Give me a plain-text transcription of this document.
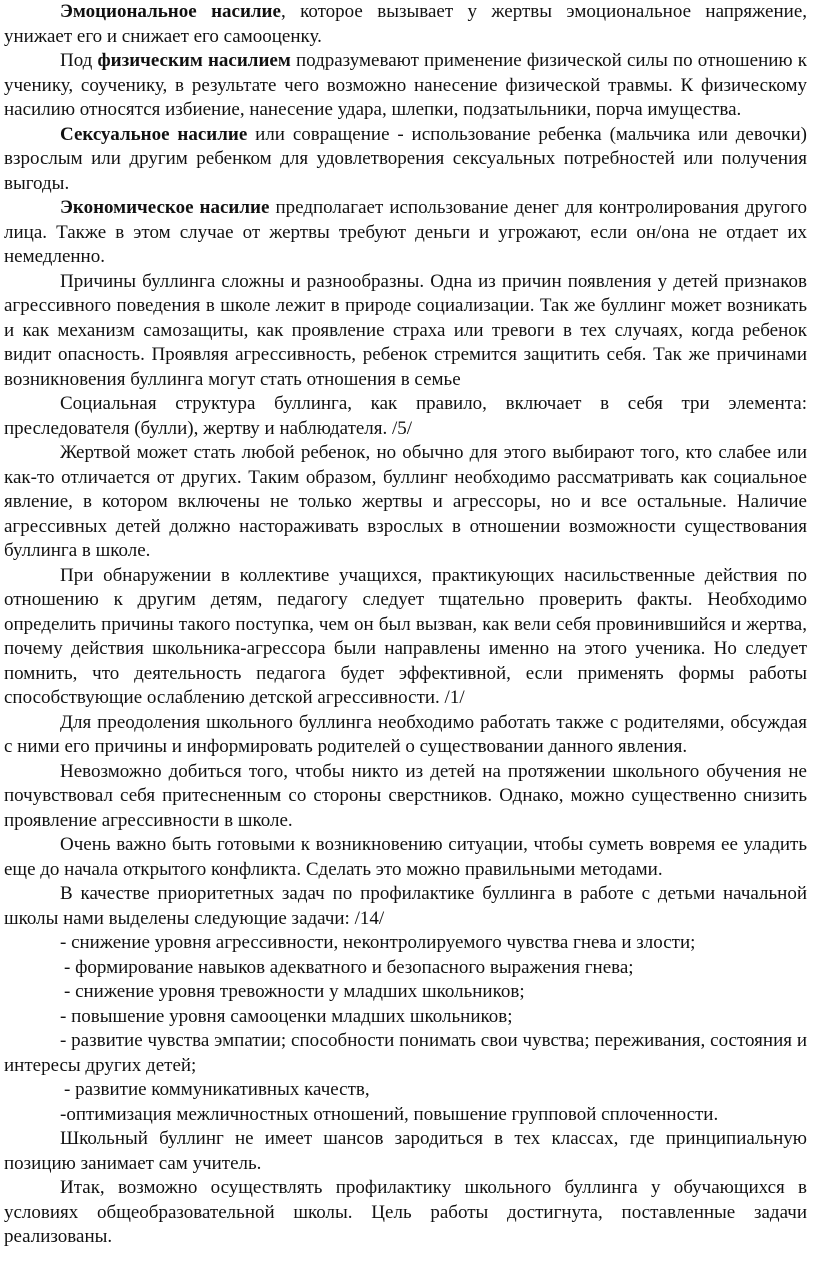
Эмоциональное насилие, которое вызывает у жертвы эмоциональное напряжение, унижает его и снижает его самооценку.

Под физическим насилием подразумевают применение физической силы по отношению к ученику, соученику, в результате чего возможно нанесение физической травмы. К физическому насилию относятся избиение, нанесение удара, шлепки, подзатыльники, порча имущества.

Сексуальное насилие или совращение - использование ребенка (мальчика или девочки) взрослым или другим ребенком для удовлетворения сексуальных потребностей или получения выгоды.

Экономическое насилие предполагает использование денег для контролирования другого лица. Также в этом случае от жертвы требуют деньги и угрожают, если он/она не отдает их немедленно.

Причины буллинга сложны и разнообразны. Одна из причин появления у детей признаков агрессивного поведения в школе лежит в природе социализации. Так же буллинг может возникать и как механизм самозащиты, как проявление страха или тревоги в тех случаях, когда ребенок видит опасность. Проявляя агрессивность, ребенок стремится защитить себя. Так же причинами возникновения буллинга могут стать отношения в семье

Социальная структура буллинга, как правило, включает в себя три элемента: преследователя (булли), жертву и наблюдателя. /5/

Жертвой может стать любой ребенок, но обычно для этого выбирают того, кто слабее или как-то отличается от других. Таким образом, буллинг необходимо рассматривать как социальное явление, в котором включены не только жертвы и агрессоры, но и все остальные. Наличие агрессивных детей должно настораживать взрослых в отношении возможности существования буллинга в школе.

При обнаружении в коллективе учащихся, практикующих насильственные действия по отношению к другим детям, педагогу следует тщательно проверить факты. Необходимо определить причины такого поступка, чем он был вызван, как вели себя провинившийся и жертва, почему действия школьника-агрессора были направлены именно на этого ученика. Но следует помнить, что деятельность педагога будет эффективной, если применять формы работы способствующие ослаблению детской агрессивности. /1/

Для преодоления школьного буллинга необходимо работать также с родителями, обсуждая с ними его причины и информировать родителей о существовании данного явления.

Невозможно добиться того, чтобы никто из детей на протяжении школьного обучения не почувствовал себя притесненным со стороны сверстников. Однако, можно существенно снизить проявление агрессивности в школе.

Очень важно быть готовыми к возникновению ситуации, чтобы суметь вовремя ее уладить еще до начала открытого конфликта. Сделать это можно правильными методами.

В качестве приоритетных задач по профилактике буллинга в работе с детьми начальной школы нами выделены следующие задачи: /14/

- снижение уровня агрессивности, неконтролируемого чувства гнева и злости;

- формирование навыков адекватного и безопасного выражения гнева;

- снижение уровня тревожности у младших школьников;

- повышение уровня самооценки младших школьников;

- развитие чувства эмпатии; способности понимать свои чувства; переживания, состояния и интересы других детей;

- развитие коммуникативных качеств,

-оптимизация межличностных отношений, повышение групповой сплоченности.

Школьный буллинг не имеет шансов зародиться в тех классах, где принципиальную позицию занимает сам учитель.

Итак, возможно осуществлять профилактику школьного буллинга у обучающихся в условиях общеобразовательной школы. Цель работы достигнута, поставленные задачи реализованы.
